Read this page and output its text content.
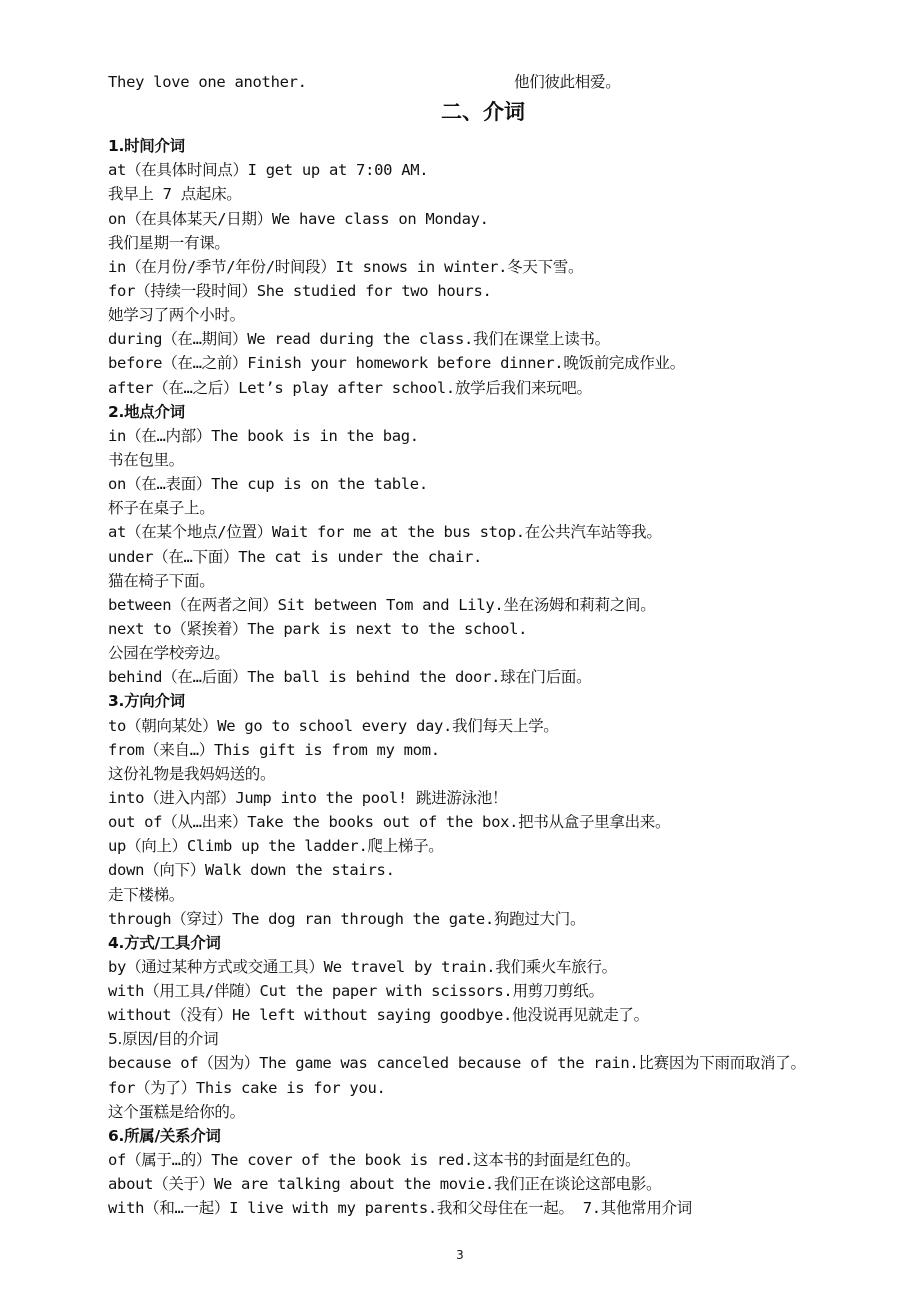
They love one another.	他们彼此相爱。
二、介词
1.时间介词
at（在具体时间点）I get up at 7:00 AM.
我早上 7 点起床。
on（在具体某天/日期）We have class on Monday.
我们星期一有课。
in（在月份/季节/年份/时间段）It snows in winter.冬天下雪。
for（持续一段时间）She studied for two hours.
她学习了两个小时。
during（在…期间）We read during the class.我们在课堂上读书。
before（在…之前）Finish your homework before dinner.晚饭前完成作业。
after（在…之后）Let’s play after school.放学后我们来玩吧。
2.地点介词
in（在…内部）The book is in the bag.
书在包里。
on（在…表面）The cup is on the table.
杯子在桌子上。
at（在某个地点/位置）Wait for me at the bus stop.在公共汽车站等我。
under（在…下面）The cat is under the chair.
猫在椅子下面。
between（在两者之间）Sit between Tom and Lily.坐在汤姆和莉莉之间。
next to（紧挨着）The park is next to the school.
公园在学校旁边。
behind（在…后面）The ball is behind the door.球在门后面。
3.方向介词
to（朝向某处）We go to school every day.我们每天上学。
from（来自…）This gift is from my mom.
这份礼物是我妈妈送的。
into（进入内部）Jump into the pool! 跳进游泳池！
out of（从…出来）Take the books out of the box.把书从盒子里拿出来。
up（向上）Climb up the ladder.爬上梯子。
down（向下）Walk down the stairs.
走下楼梯。
through（穿过）The dog ran through the gate.狗跑过大门。
4.方式/工具介词
by（通过某种方式或交通工具）We travel by train.我们乘火车旅行。
with（用工具/伴随）Cut the paper with scissors.用剪刀剪纸。
without（没有）He left without saying goodbye.他没说再见就走了。
5.原因/目的介词
because of（因为）The game was canceled because of the rain.比赛因为下雨而取消了。
for（为了）This cake is for you.
这个蛋糕是给你的。
6.所属/关系介词
of（属于…的）The cover of the book is red.这本书的封面是红色的。
about（关于）We are talking about the movie.我们正在谈论这部电影。
with（和…一起）I live with my parents.我和父母住在一起。 7.其他常用介词
3
